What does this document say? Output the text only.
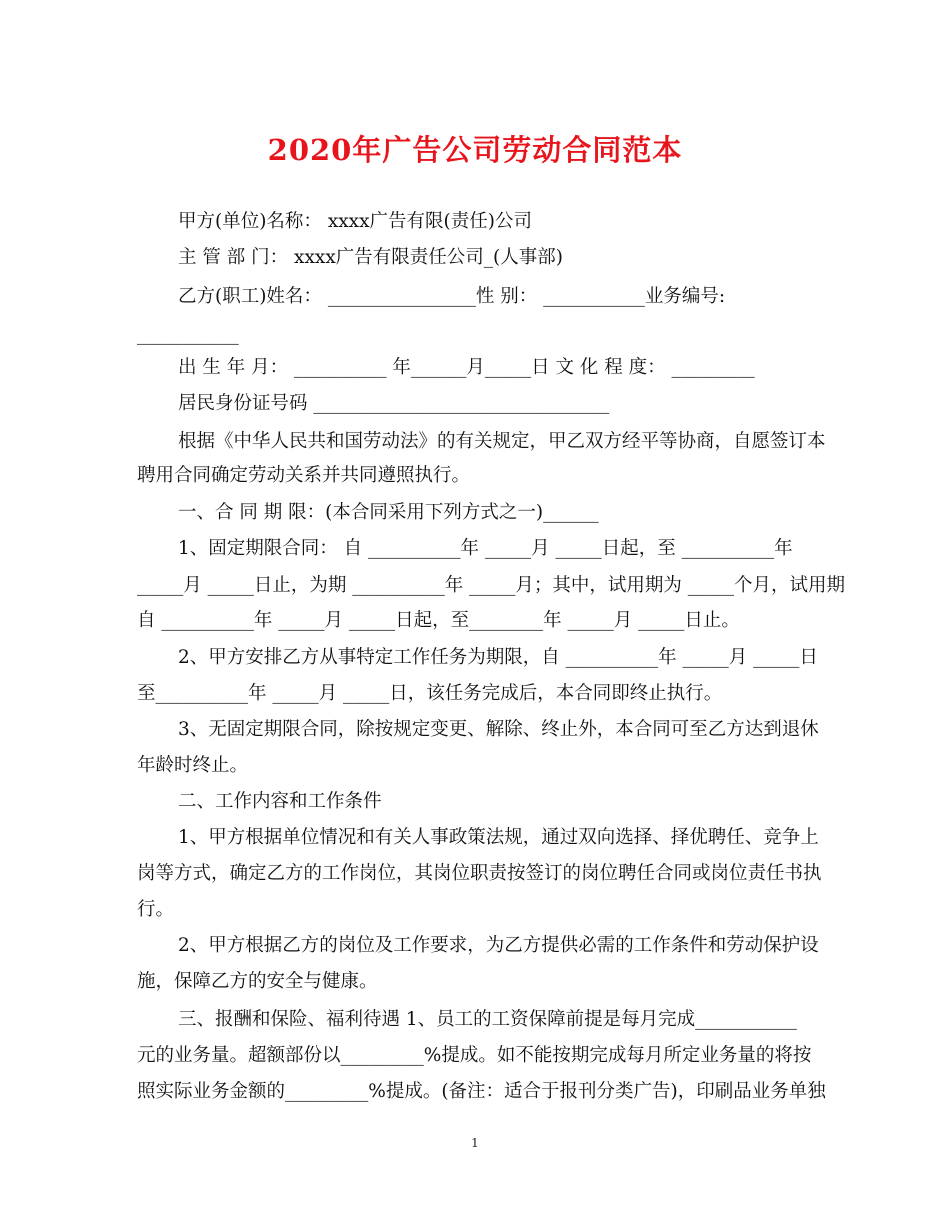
2020年广告公司劳动合同范本
甲方(单位)名称： xxxx广告有限(责任)公司
主 管 部 门： xxxx广告有限责任公司_(人事部)
乙方(职工)姓名： ________________性 别： ___________业务编号:
___________
出 生 年 月： __________ 年______月_____日 文 化 程 度： _________
居民身份证号码 ________________________________
根据《中华人民共和国劳动法》的有关规定，甲乙双方经平等协商，自愿签订本
聘用合同确定劳动关系并共同遵照执行。
一、合 同 期 限：(本合同采用下列方式之一)______
1、固定期限合同： 自 __________年 _____月 _____日起，至 __________年
_____月 _____日止，为期 __________年 _____月；其中，试用期为 _____个月，试用期
自 __________年 _____月 _____日起，至________年 _____月 _____日止。
2、甲方安排乙方从事特定工作任务为期限，自 __________年 _____月 _____日
至__________年 _____月 _____日，该任务完成后，本合同即终止执行。
3、无固定期限合同，除按规定变更、解除、终止外，本合同可至乙方达到退休
年龄时终止。
二、工作内容和工作条件
1、甲方根据单位情况和有关人事政策法规，通过双向选择、择优聘任、竞争上
岗等方式，确定乙方的工作岗位，其岗位职责按签订的岗位聘任合同或岗位责任书执
行。
2、甲方根据乙方的岗位及工作要求，为乙方提供必需的工作条件和劳动保护设
施，保障乙方的安全与健康。
三、报酬和保险、福利待遇 1、员工的工资保障前提是每月完成___________
元的业务量。超额部份以_________%提成。如不能按期完成每月所定业务量的将按
照实际业务金额的_________%提成。(备注：适合于报刊分类广告)，印刷品业务单独
1
